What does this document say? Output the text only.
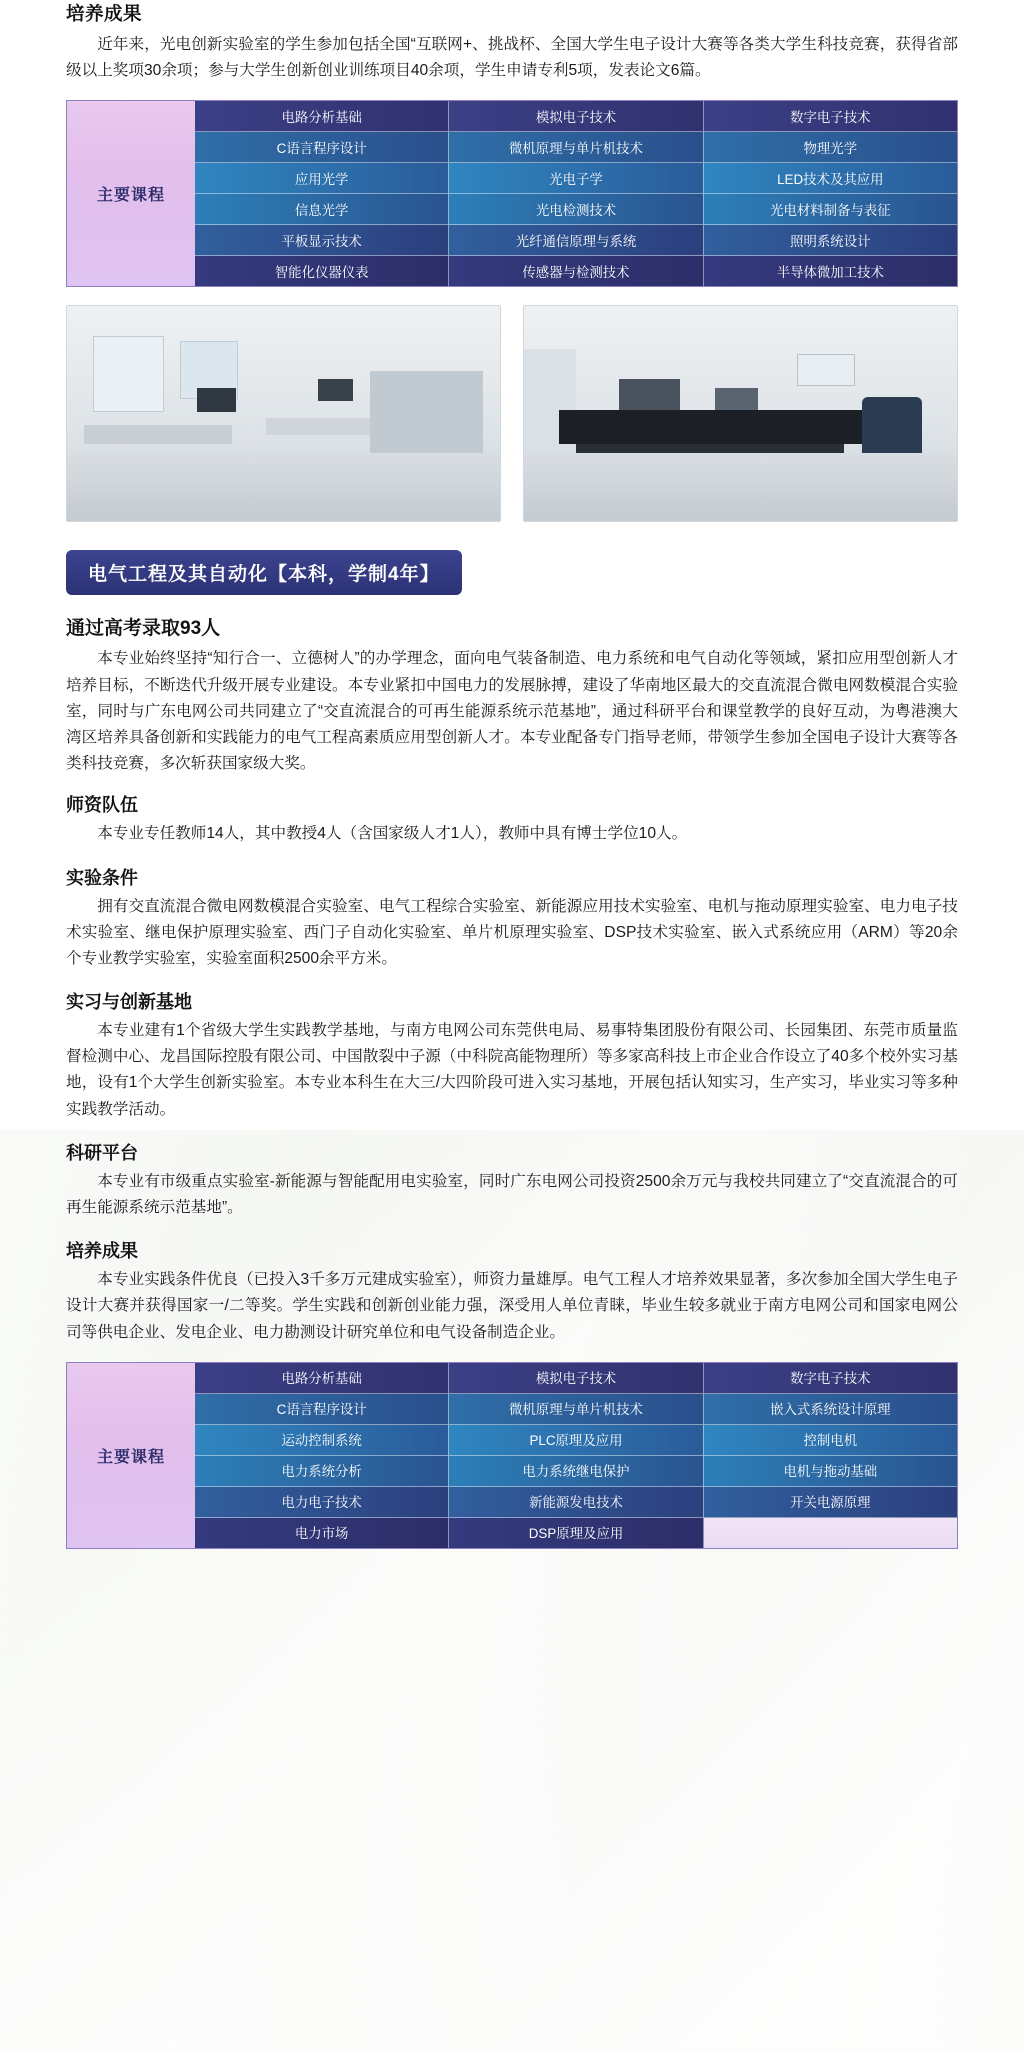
培养成果

近年来，光电创新实验室的学生参加包括全国“互联网+、挑战杯、全国大学生电子设计大赛等各类大学生科技竞赛，获得省部级以上奖项30余项；参与大学生创新创业训练项目40余项，学生申请专利5项，发表论文6篇。

主要课程
电路分析基础	模拟电子技术	数字电子技术
C语言程序设计	微机原理与单片机技术	物理光学
应用光学	光电子学	LED技术及其应用
信息光学	光电检测技术	光电材料制备与表征
平板显示技术	光纤通信原理与系统	照明系统设计
智能化仪器仪表	传感器与检测技术	半导体微加工技术
电气工程及其自动化【本科，学制4年】
通过高考录取93人

本专业始终坚持“知行合一、立德树人”的办学理念，面向电气装备制造、电力系统和电气自动化等领域，紧扣应用型创新人才培养目标，不断迭代升级开展专业建设。本专业紧扣中国电力的发展脉搏，建设了华南地区最大的交直流混合微电网数模混合实验室，同时与广东电网公司共同建立了“交直流混合的可再生能源系统示范基地”，通过科研平台和课堂教学的良好互动，为粤港澳大湾区培养具备创新和实践能力的电气工程高素质应用型创新人才。本专业配备专门指导老师，带领学生参加全国电子设计大赛等各类科技竞赛，多次斩获国家级大奖。

师资队伍

本专业专任教师14人，其中教授4人（含国家级人才1人），教师中具有博士学位10人。

实验条件

拥有交直流混合微电网数模混合实验室、电气工程综合实验室、新能源应用技术实验室、电机与拖动原理实验室、电力电子技术实验室、继电保护原理实验室、西门子自动化实验室、单片机原理实验室、DSP技术实验室、嵌入式系统应用（ARM）等20余个专业教学实验室，实验室面积2500余平方米。

实习与创新基地

本专业建有1个省级大学生实践教学基地，与南方电网公司东莞供电局、易事特集团股份有限公司、长园集团、东莞市质量监督检测中心、龙昌国际控股有限公司、中国散裂中子源（中科院高能物理所）等多家高科技上市企业合作设立了40多个校外实习基地，设有1个大学生创新实验室。本专业本科生在大三/大四阶段可进入实习基地，开展包括认知实习，生产实习，毕业实习等多种实践教学活动。

科研平台

本专业有市级重点实验室-新能源与智能配用电实验室，同时广东电网公司投资2500余万元与我校共同建立了“交直流混合的可再生能源系统示范基地”。

培养成果

本专业实践条件优良（已投入3千多万元建成实验室），师资力量雄厚。电气工程人才培养效果显著，多次参加全国大学生电子设计大赛并获得国家一/二等奖。学生实践和创新创业能力强，深受用人单位青睐，毕业生较多就业于南方电网公司和国家电网公司等供电企业、发电企业、电力勘测设计研究单位和电气设备制造企业。

主要课程
电路分析基础	模拟电子技术	数字电子技术
C语言程序设计	微机原理与单片机技术	嵌入式系统设计原理
运动控制系统	PLC原理及应用	控制电机
电力系统分析	电力系统继电保护	电机与拖动基础
电力电子技术	新能源发电技术	开关电源原理
电力市场	DSP原理及应用
